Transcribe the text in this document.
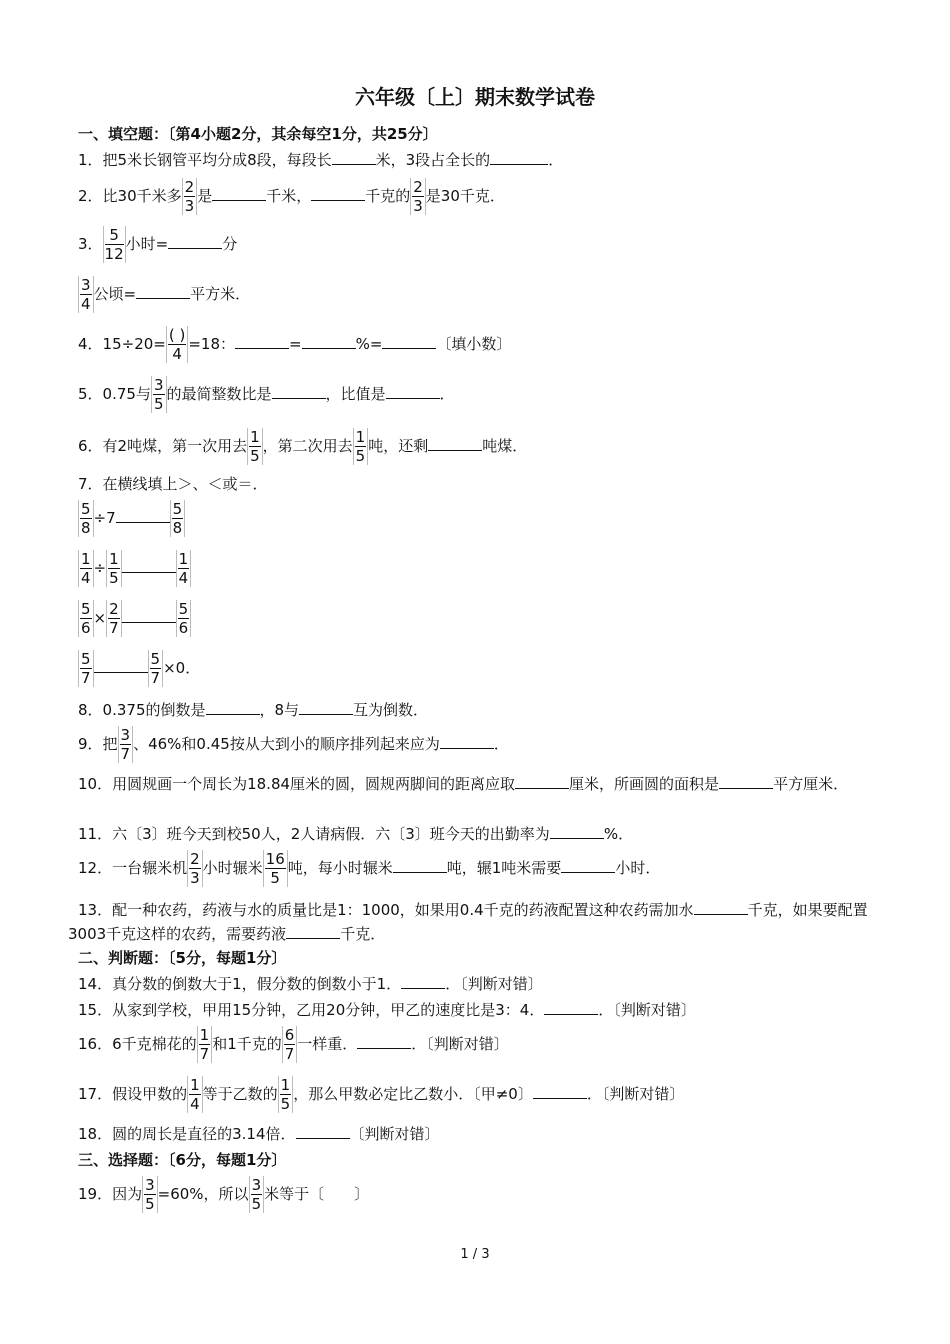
六年级〔上〕期末数学试卷
一、填空题：〔第4小题2分，其余每空1分，共25分〕
1．把5米长钢管平均分成8段，每段长	米，3段占全长的	．
2．比30千米多 $\frac{2}{3}$ 是	千米，	千克的 $\frac{2}{3}$ 是30千克．
3． $\frac{5}{12}$ 小时=	分
$\frac{3}{4}$ 公顷=	平方米．
4．$15\div 20= \frac{( )}{4} =18$：	=	%=	〔填小数〕
5．0.75与 $\frac{3}{5}$ 的最简整数比是	，比值是	．
6．有2吨煤，第一次用去 $\frac{1}{5}$ ，第二次用去 $\frac{1}{5}$ 吨，还剩	吨煤．
7．在横线填上＞、＜或＝．
$\frac{5}{8} \div 7$	$\frac{5}{8}$
$\frac{1}{4} \div \frac{1}{5}$	$\frac{1}{4}$
$\frac{5}{6} \times \frac{2}{7}$	$\frac{5}{6}$
$\frac{5}{7}$	$\frac{5}{7} \times 0$．
8．0.375的倒数是	，8与	互为倒数．
9．把 $\frac{3}{7}$ 、46%和0.45按从大到小的顺序排列起来应为	．
10．用圆规画一个周长为18.84厘米的圆，圆规两脚间的距离应取	厘米，所画圆的面积是	平方厘米．
11．六〔3〕班今天到校50人，2人请病假．六〔3〕班今天的出勤率为	%．
12．一台辗米机 $\frac{2}{3}$ 小时辗米 $\frac{16}{5}$ 吨，每小时辗米	吨，辗1吨米需要	小时．
13．配一种农药，药液与水的质量比是1：1000，如果用0.4千克的药液配置这种农药需加水	千克，如果要配置3003千克这样的农药，需要药液	千克．
二、判断题：〔5分，每题1分〕
14．真分数的倒数大于1，假分数的倒数小于1．	．〔判断对错〕
15．从家到学校，甲用15分钟，乙用20分钟，甲乙的速度比是3：4．	．〔判断对错〕
16．6千克棉花的 $\frac{1}{7}$ 和1千克的 $\frac{6}{7}$ 一样重．	．〔判断对错〕
17．假设甲数的 $\frac{1}{4}$ 等于乙数的 $\frac{1}{5}$ ，那么甲数必定比乙数小．〔甲≠0〕	．〔判断对错〕
18．圆的周长是直径的3.14倍．	〔判断对错〕
三、选择题：〔6分，每题1分〕
19．因为 $\frac{3}{5} =60\%$，所以 $\frac{3}{5}$ 米等于〔　　〕
1 / 3
